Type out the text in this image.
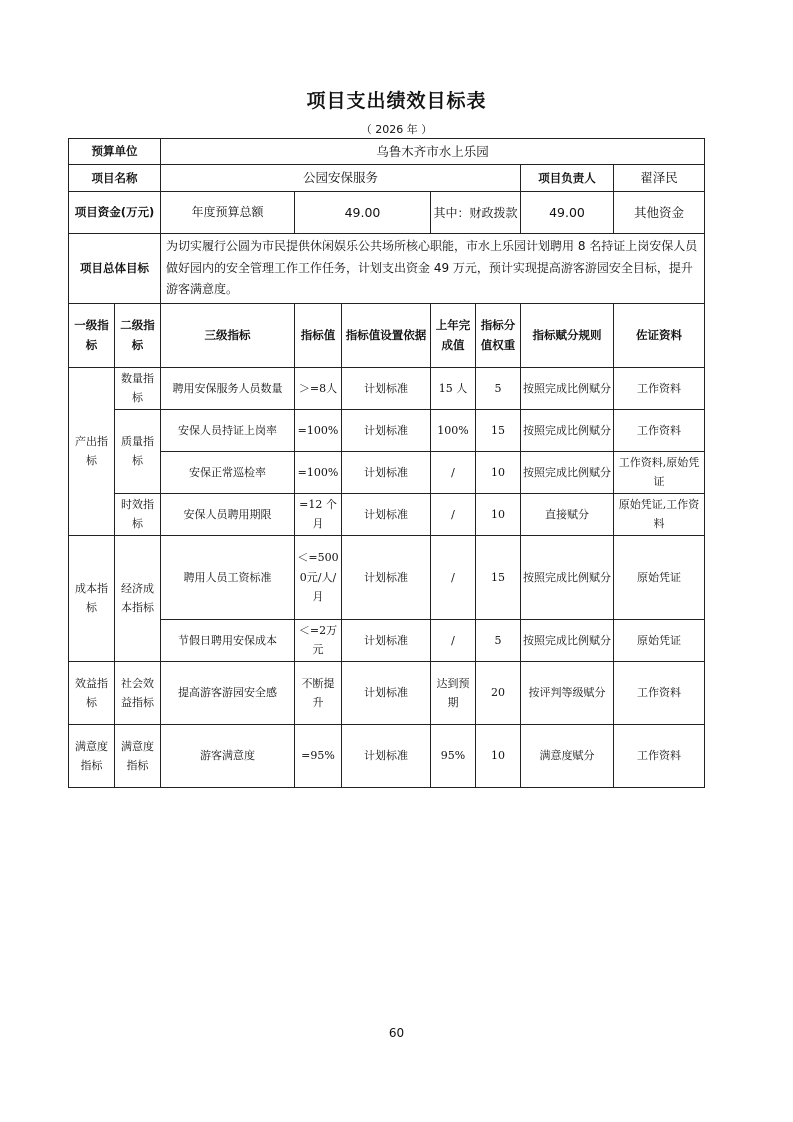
项目支出绩效目标表
（ 2026 年 ）
预算单位		乌鲁木齐市水上乐园						
项目名称		公园安保服务					项目负责人	翟泽民
项目资金(万元)		年度预算总额	49.00		其中：财政拨款		49.00	其他资金
项目总体目标		为切实履行公圆为市民提供休闲娱乐公共场所核心职能，市水上乐园计划聘用 8 名持证上岗安保人员做好园内的安全管理工作工作任务，计划支出资金 49 万元，预计实现提高游客游园安全目标，提升游客满意度。						
一级指标	二级指标	三级指标	指标值	指标值设置依据	上年完成值	指标分值权重	指标赋分规则	佐证资料
产出指标	数量指标	聘用安保服务人员数量	＞=8人	计划标准	15 人	5	按照完成比例赋分	工作资料
	质量指标	安保人员持证上岗率	=100%	计划标准	100%	15	按照完成比例赋分	工作资料
		安保正常巡检率	=100%	计划标准	/	10	按照完成比例赋分	工作资料,原始凭证
	时效指标	安保人员聘用期限	=12 个月	计划标准	/	10	直接赋分	原始凭证,工作资料
成本指标	经济成本指标	聘用人员工资标准	＜=5000元/人/月	计划标准	/	15	按照完成比例赋分	原始凭证
		节假日聘用安保成本	＜=2万元	计划标准	/	5	按照完成比例赋分	原始凭证
效益指标	社会效益指标	提高游客游园安全感	不断提升	计划标准	达到预期	20	按评判等级赋分	工作资料
满意度指标	满意度指标	游客满意度	=95%	计划标准	95%	10	满意度赋分	工作资料
60
